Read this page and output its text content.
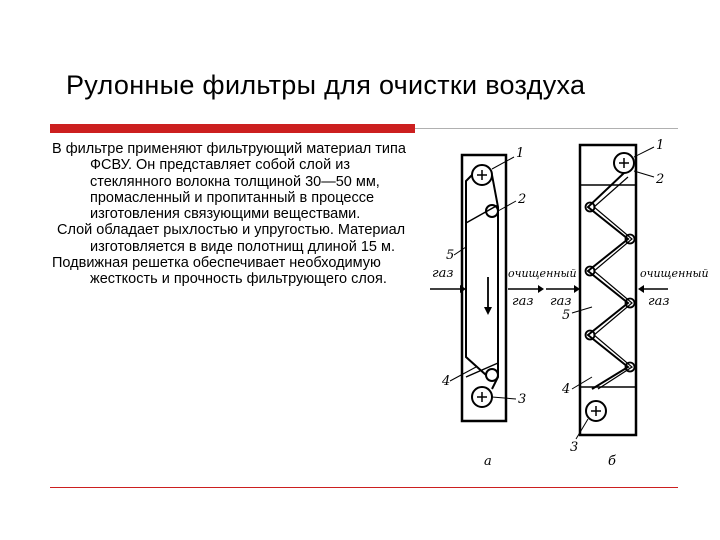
Рулонные фильтры для очистки воздуха

В фильтре применяют фильтрующий материал типа ФСВУ. Он представляет собой слой из стеклянного волокна толщиной 30—50 мм, промасленный и пропитанный в процессе изготовления связующими веществами.

Слой обладает рыхлостью и упругостью. Материал изготовляется в виде полотнищ длиной 15 м.

Подвижная решетка обеспечивает необходимую жесткость и прочность фильтрующего слоя.	газ	очищенный
газ
1
2
5
4
3
а
газ
очищенный
газ
1
2
5
4
3
б
